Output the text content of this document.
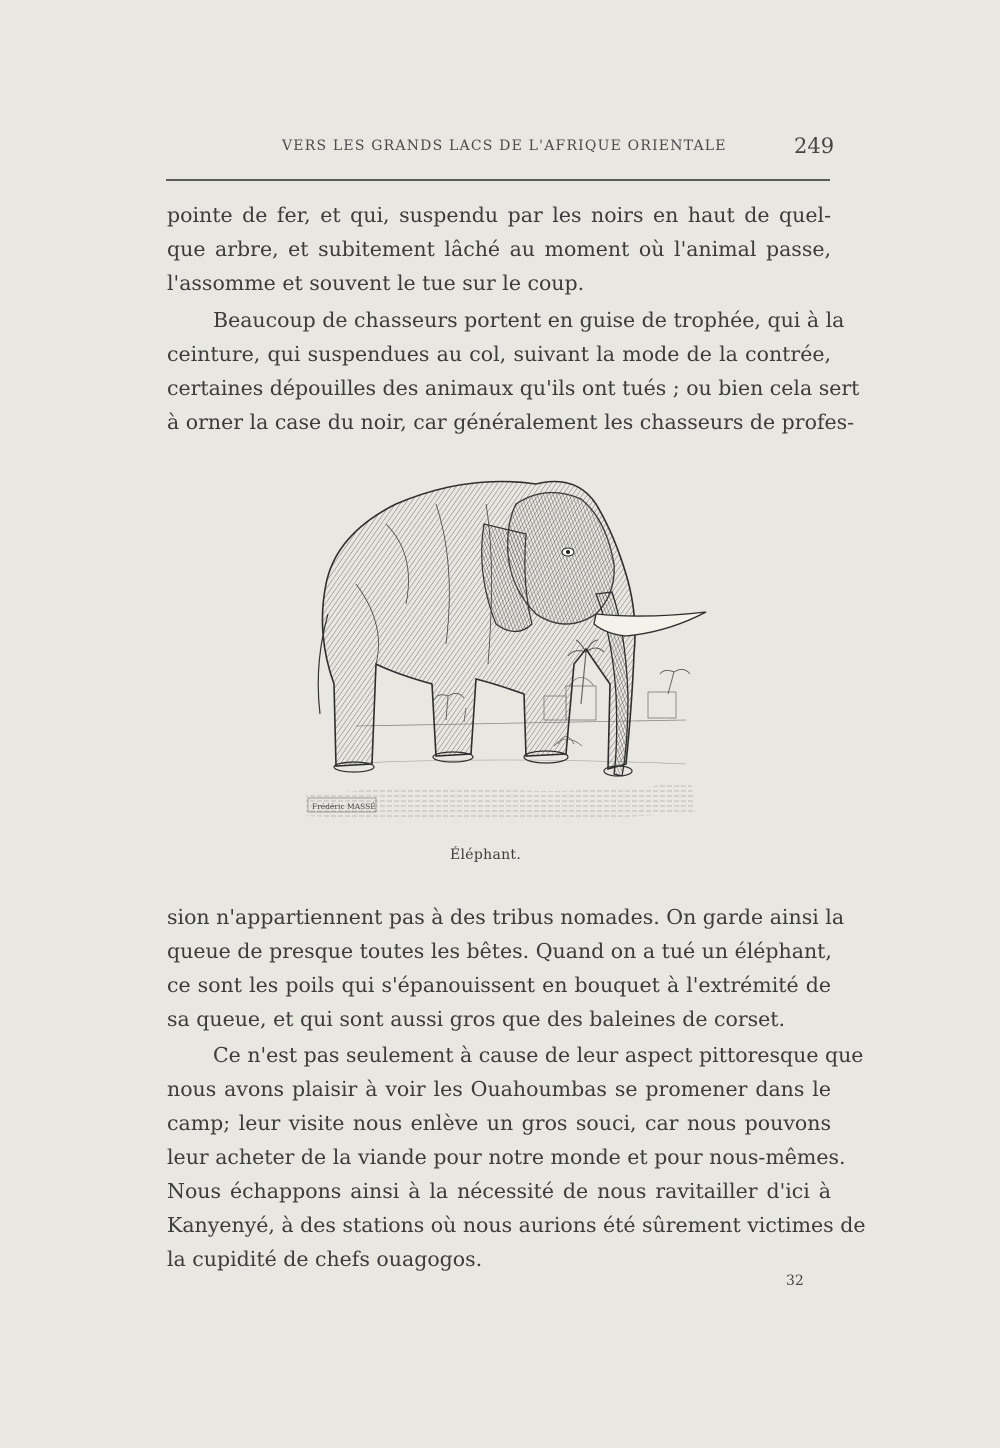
VERS LES GRANDS LACS DE L'AFRIQUE ORIENTALE	249
pointe de fer, et qui, suspendu par les noirs en haut de quel-
que arbre, et subitement lâché au moment où l'animal passe,
l'assomme et souvent le tue sur le coup.
Beaucoup de chasseurs portent en guise de trophée, qui à la
ceinture, qui suspendues au col, suivant la mode de la contrée,
certaines dépouilles des animaux qu'ils ont tués ; ou bien cela sert
à orner la case du noir, car généralement les chasseurs de profes-
Frédéric MASSÉ
Éléphant.
sion n'appartiennent pas à des tribus nomades. On garde ainsi la
queue de presque toutes les bêtes. Quand on a tué un éléphant,
ce sont les poils qui s'épanouissent en bouquet à l'extrémité de
sa queue, et qui sont aussi gros que des baleines de corset.
Ce n'est pas seulement à cause de leur aspect pittoresque que
nous avons plaisir à voir les Ouahoumbas se promener dans le
camp; leur visite nous enlève un gros souci, car nous pouvons
leur acheter de la viande pour notre monde et pour nous-mêmes.
Nous échappons ainsi à la nécessité de nous ravitailler d'ici à
Kanyenyé, à des stations où nous aurions été sûrement victimes de
la cupidité de chefs ouagogos.
32
